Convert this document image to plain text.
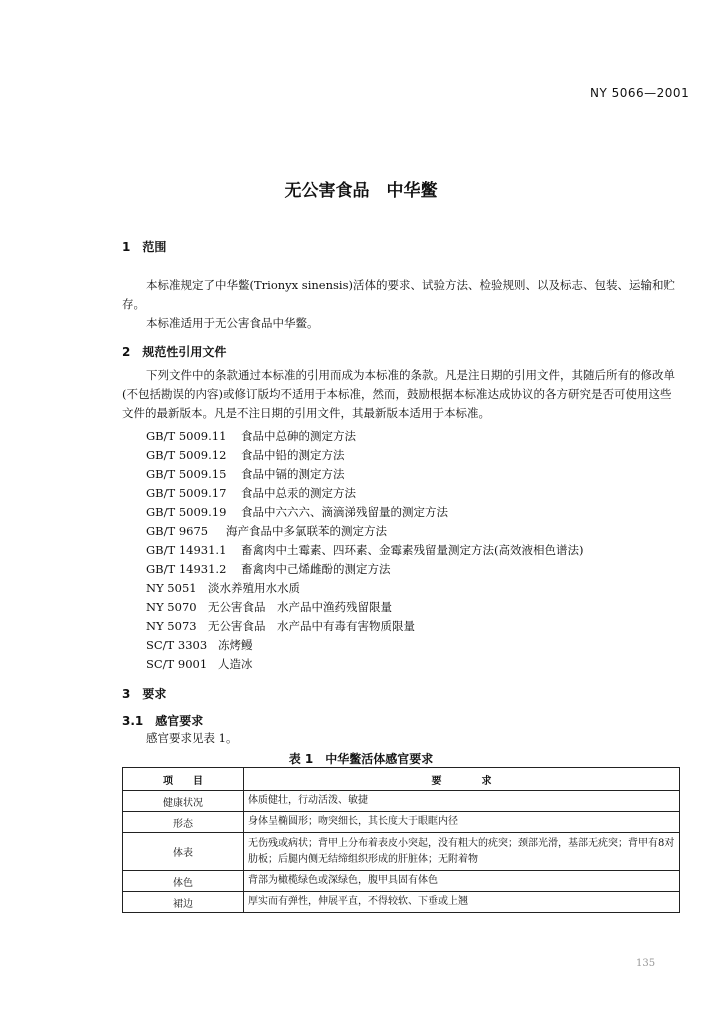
NY 5066—2001
无公害食品　中华鳖
1　范围
本标准规定了中华鳖(Trionyx sinensis)活体的要求、试验方法、检验规则、以及标志、包装、运输和贮存。
本标准适用于无公害食品中华鳖。
2　规范性引用文件
下列文件中的条款通过本标准的引用而成为本标准的条款。凡是注日期的引用文件，其随后所有的修改单(不包括勘误的内容)或修订版均不适用于本标准，然而，鼓励根据本标准达成协议的各方研究是否可使用这些文件的最新版本。凡是不注日期的引用文件，其最新版本适用于本标准。
GB/T 5009.11 食品中总砷的测定方法
GB/T 5009.12 食品中铅的测定方法
GB/T 5009.15 食品中镉的测定方法
GB/T 5009.17 食品中总汞的测定方法
GB/T 5009.19 食品中六六六、滴滴涕残留量的测定方法
GB/T 9675 海产食品中多氯联苯的测定方法
GB/T 14931.1 畜禽肉中土霉素、四环素、金霉素残留量测定方法(高效液相色谱法)
GB/T 14931.2 畜禽肉中己烯雌酚的测定方法
NY 5051 淡水养殖用水水质
NY 5070 无公害食品　水产品中渔药残留限量
NY 5073 无公害食品　水产品中有毒有害物质限量
SC/T 3303 冻烤鳗
SC/T 9001 人造冰
3　要求
3.1　感官要求
感官要求见表 1。
表 1　中华鳖活体感官要求
项　　目	要　　　　求
健康状况	体质健壮，行动活泼、敏捷
形态	身体呈椭圆形；吻突细长，其长度大于眼眶内径
体表	无伤残或病状；背甲上分布着表皮小突起，没有粗大的疣突；颈部光滑，基部无疣突；背甲有8对肋板；后腿内侧无结缔组织形成的肝脏体；无附着物
体色	背部为橄榄绿色或深绿色，腹甲具固有体色
裙边	厚实而有弹性，伸展平直，不得较软、下垂或上翘
135
